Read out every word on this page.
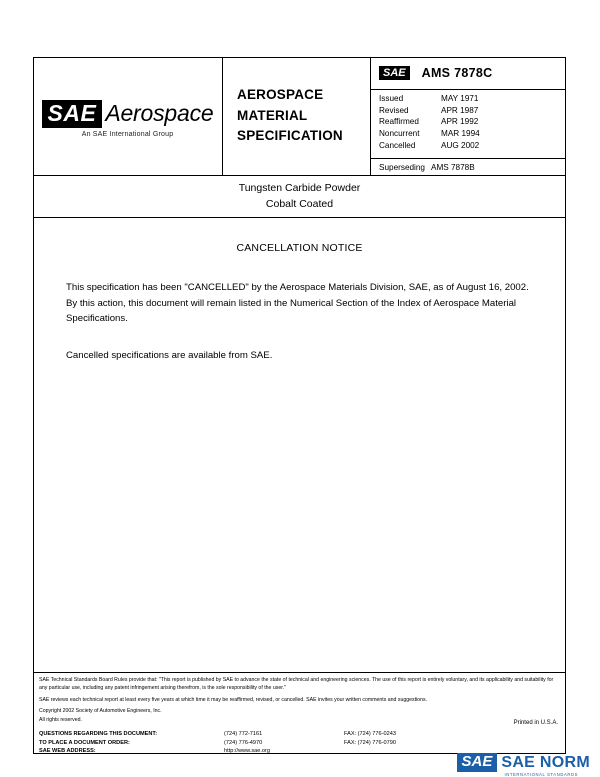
SAE Aerospace
An SAE International Group
AEROSPACE
MATERIAL
SPECIFICATION
SAE	AMS 7878C
Issued	MAY 1971
Revised	APR 1987
Reaffirmed	APR 1992
Noncurrent	MAR 1994
Cancelled	AUG 2002
Superseding AMS 7878B
Tungsten Carbide Powder
Cobalt Coated
CANCELLATION NOTICE

This specification has been "CANCELLED" by the Aerospace Materials Division, SAE, as of August 16, 2002. By this action, this document will remain listed in the Numerical Section of the Index of Aerospace Material Specifications.

Cancelled specifications are available from SAE.

SAE Technical Standards Board Rules provide that: "This report is published by SAE to advance the state of technical and engineering sciences. The use of this report is entirely voluntary, and its applicability and suitability for any particular use, including any patent infringement arising therefrom, is the sole responsibility of the user."
SAE reviews each technical report at least every five years at which time it may be reaffirmed, revised, or cancelled. SAE invites your written comments and suggestions.
Copyright 2002 Society of Automotive Engineers, Inc.
All rights reserved.	Printed in U.S.A.
QUESTIONS REGARDING THIS DOCUMENT:	(724) 772-7161	FAX: (724) 776-0243
TO PLACE A DOCUMENT ORDER:	(724) 776-4970	FAX: (724) 776-0790
SAE WEB ADDRESS:	http://www.sae.org
SAE SAE NORM
INTERNATIONAL STANDARDS
